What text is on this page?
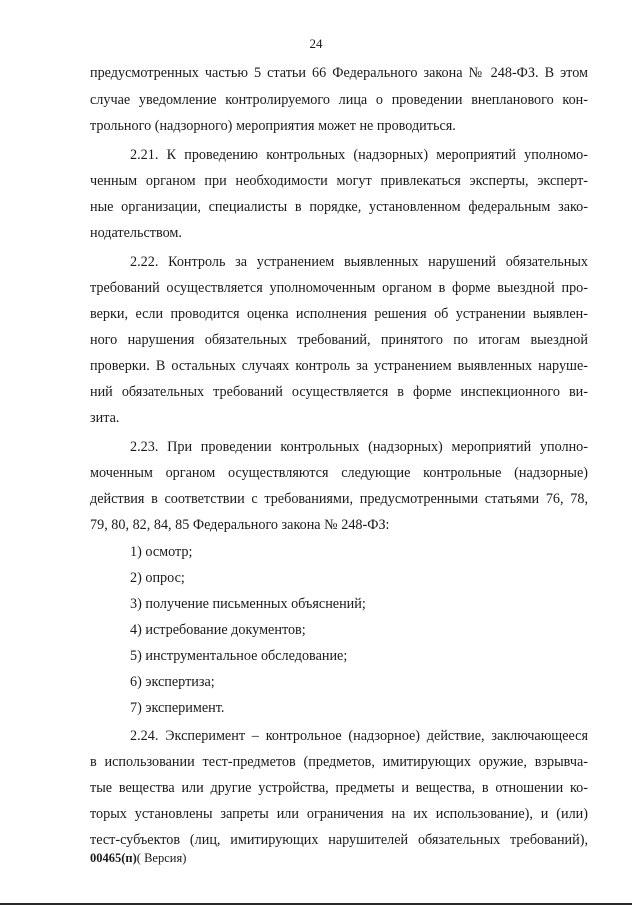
24
предусмотренных частью 5 статьи 66 Федерального закона № 248-ФЗ. В этом
случае уведомление контролируемого лица о проведении внепланового кон-
трольного (надзорного) мероприятия может не проводиться.
2.21. К проведению контрольных (надзорных) мероприятий уполномо-
ченным органом при необходимости могут привлекаться эксперты, эксперт-
ные организации, специалисты в порядке, установленном федеральным зако-
нодательством.
2.22. Контроль за устранением выявленных нарушений обязательных
требований осуществляется уполномоченным органом в форме выездной про-
верки, если проводится оценка исполнения решения об устранении выявлен-
ного нарушения обязательных требований, принятого по итогам выездной
проверки. В остальных случаях контроль за устранением выявленных наруше-
ний обязательных требований осуществляется в форме инспекционного ви-
зита.
2.23. При проведении контрольных (надзорных) мероприятий уполно-
моченным органом осуществляются следующие контрольные (надзорные)
действия в соответствии с требованиями, предусмотренными статьями 76, 78,
79, 80, 82, 84, 85 Федерального закона № 248-ФЗ:
1) осмотр;
2) опрос;
3) получение письменных объяснений;
4) истребование документов;
5) инструментальное обследование;
6) экспертиза;
7) эксперимент.
2.24. Эксперимент – контрольное (надзорное) действие, заключающееся
в использовании тест-предметов (предметов, имитирующих оружие, взрывча-
тые вещества или другие устройства, предметы и вещества, в отношении ко-
торых установлены запреты или ограничения на их использование), и (или)
тест-субъектов (лиц, имитирующих нарушителей обязательных требований),
00465(п)( Версия)
